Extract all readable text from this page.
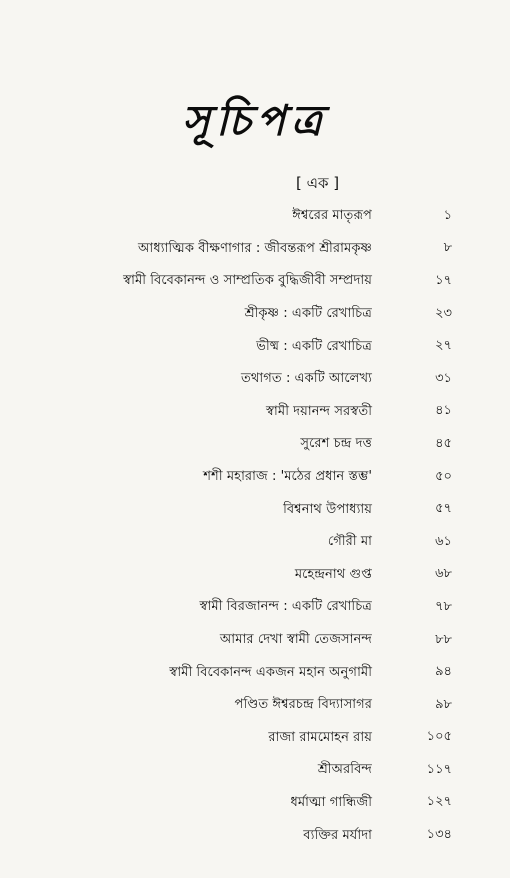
সূচিপত্র
[ এক ]
ঈশ্বরের মাতৃরূপ	১
আধ্যাত্মিক বীক্ষণাগার : জীবন্তরূপ শ্রীরামকৃষ্ণ	৮
স্বামী বিবেকানন্দ ও সাম্প্রতিক বুদ্ধিজীবী সম্প্রদায়	১৭
শ্রীকৃষ্ণ : একটি রেখাচিত্র	২৩
ভীষ্ম : একটি রেখাচিত্র	২৭
তথাগত : একটি আলেখ্য	৩১
স্বামী দয়ানন্দ সরস্বতী	৪১
সুরেশ চন্দ্র দত্ত	৪৫
শশী মহারাজ : 'মঠের প্রধান স্তম্ভ'	৫০
বিশ্বনাথ উপাধ্যায়	৫৭
গৌরী মা	৬১
মহেন্দ্রনাথ গুপ্ত	৬৮
স্বামী বিরজানন্দ : একটি রেখাচিত্র	৭৮
আমার দেখা স্বামী তেজসানন্দ	৮৮
স্বামী বিবেকানন্দ একজন মহান অনুগামী	৯৪
পণ্ডিত ঈশ্বরচন্দ্র বিদ্যাসাগর	৯৮
রাজা রামমোহন রায়	১০৫
শ্রীঅরবিন্দ	১১৭
ধর্মাত্মা গান্ধিজী	১২৭
ব্যক্তির মর্যাদা	১৩৪
